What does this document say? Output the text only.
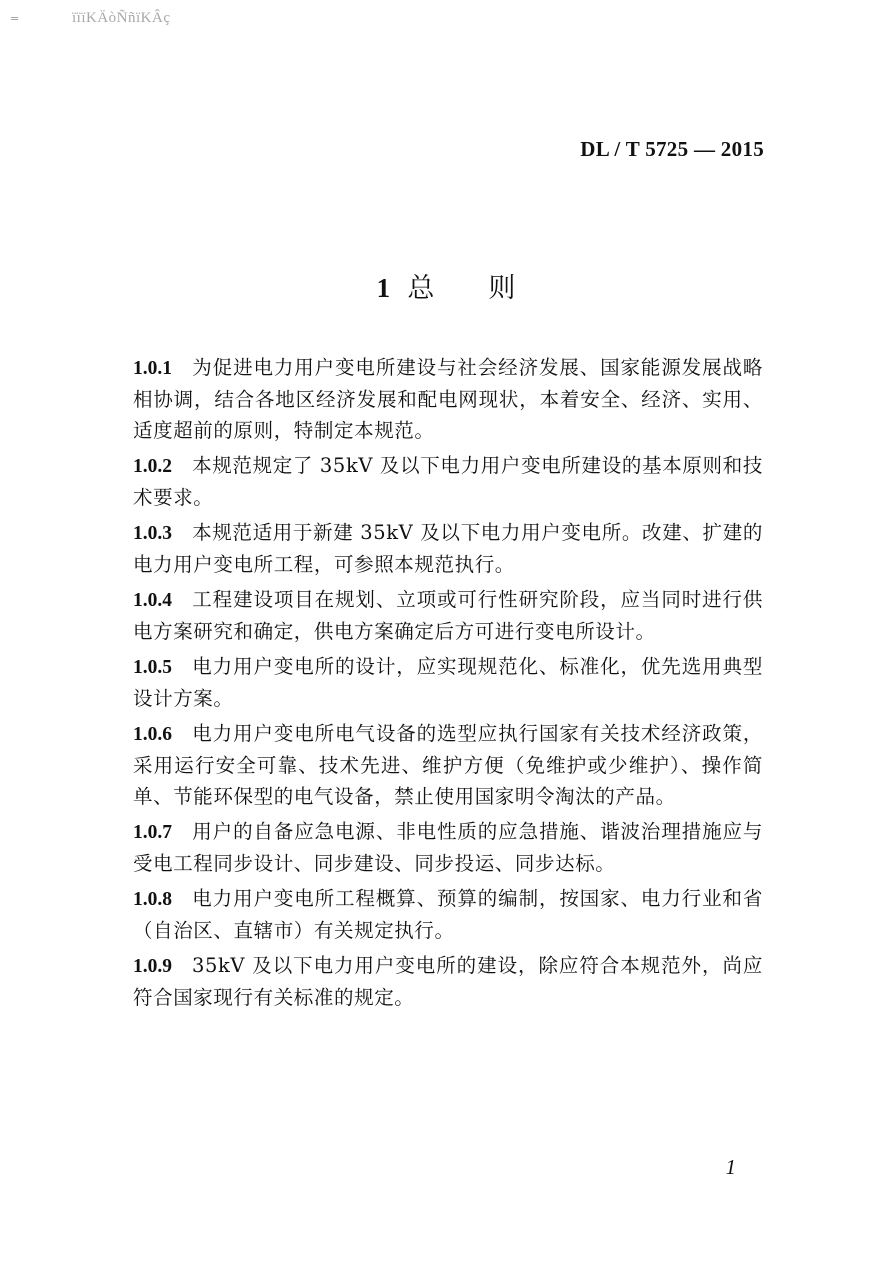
=	ïïïKÄòÑñïKÂç
DL / T 5725 — 2015
1 总　　则

1.0.1 为促进电力用户变电所建设与社会经济发展、国家能源发展战略相协调，结合各地区经济发展和配电网现状，本着安全、经济、实用、适度超前的原则，特制定本规范。

1.0.2 本规范规定了 35kV 及以下电力用户变电所建设的基本原则和技术要求。

1.0.3 本规范适用于新建 35kV 及以下电力用户变电所。改建、扩建的电力用户变电所工程，可参照本规范执行。

1.0.4 工程建设项目在规划、立项或可行性研究阶段，应当同时进行供电方案研究和确定，供电方案确定后方可进行变电所设计。

1.0.5 电力用户变电所的设计，应实现规范化、标准化，优先选用典型设计方案。

1.0.6 电力用户变电所电气设备的选型应执行国家有关技术经济政策，采用运行安全可靠、技术先进、维护方便（免维护或少维护）、操作简单、节能环保型的电气设备，禁止使用国家明令淘汰的产品。

1.0.7 用户的自备应急电源、非电性质的应急措施、谐波治理措施应与受电工程同步设计、同步建设、同步投运、同步达标。

1.0.8 电力用户变电所工程概算、预算的编制，按国家、电力行业和省（自治区、直辖市）有关规定执行。

1.0.9 35kV 及以下电力用户变电所的建设，除应符合本规范外，尚应符合国家现行有关标准的规定。

1
